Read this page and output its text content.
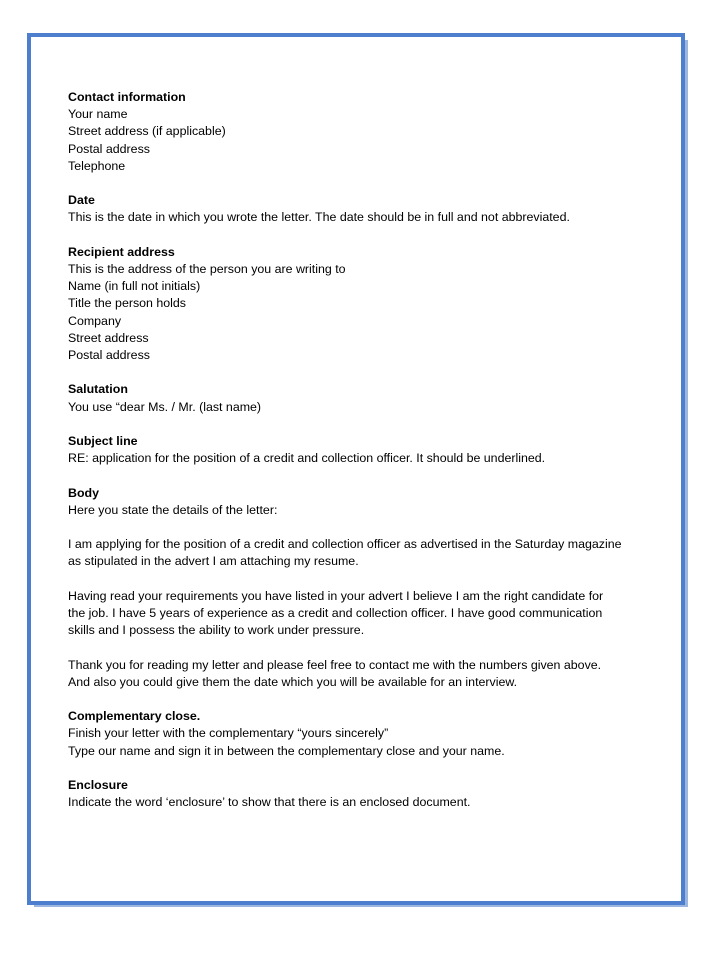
Contact information
Your name
Street address (if applicable)
Postal address
Telephone
Date
This is the date in which you wrote the letter. The date should be in full and not abbreviated.
Recipient address
This is the address of the person you are writing to
Name (in full not initials)
Title the person holds
Company
Street address
Postal address
Salutation
You use “dear Ms. / Mr. (last name)
Subject line
RE: application for the position of a credit and collection officer. It should be underlined.
Body
Here you state the details of the letter:
I am applying for the position of a credit and collection officer as advertised in the Saturday magazine
as stipulated in the advert I am attaching my resume.
Having read your requirements you have listed in your advert I believe I am the right candidate for
the job. I have 5 years of experience as a credit and collection officer. I have good communication
skills and I possess the ability to work under pressure.
Thank you for reading my letter and please feel free to contact me with the numbers given above.
And also you could give them the date which you will be available for an interview.
Complementary close.
Finish your letter with the complementary “yours sincerely”
Type our name and sign it in between the complementary close and your name.
Enclosure
Indicate the word ‘enclosure’ to show that there is an enclosed document.
